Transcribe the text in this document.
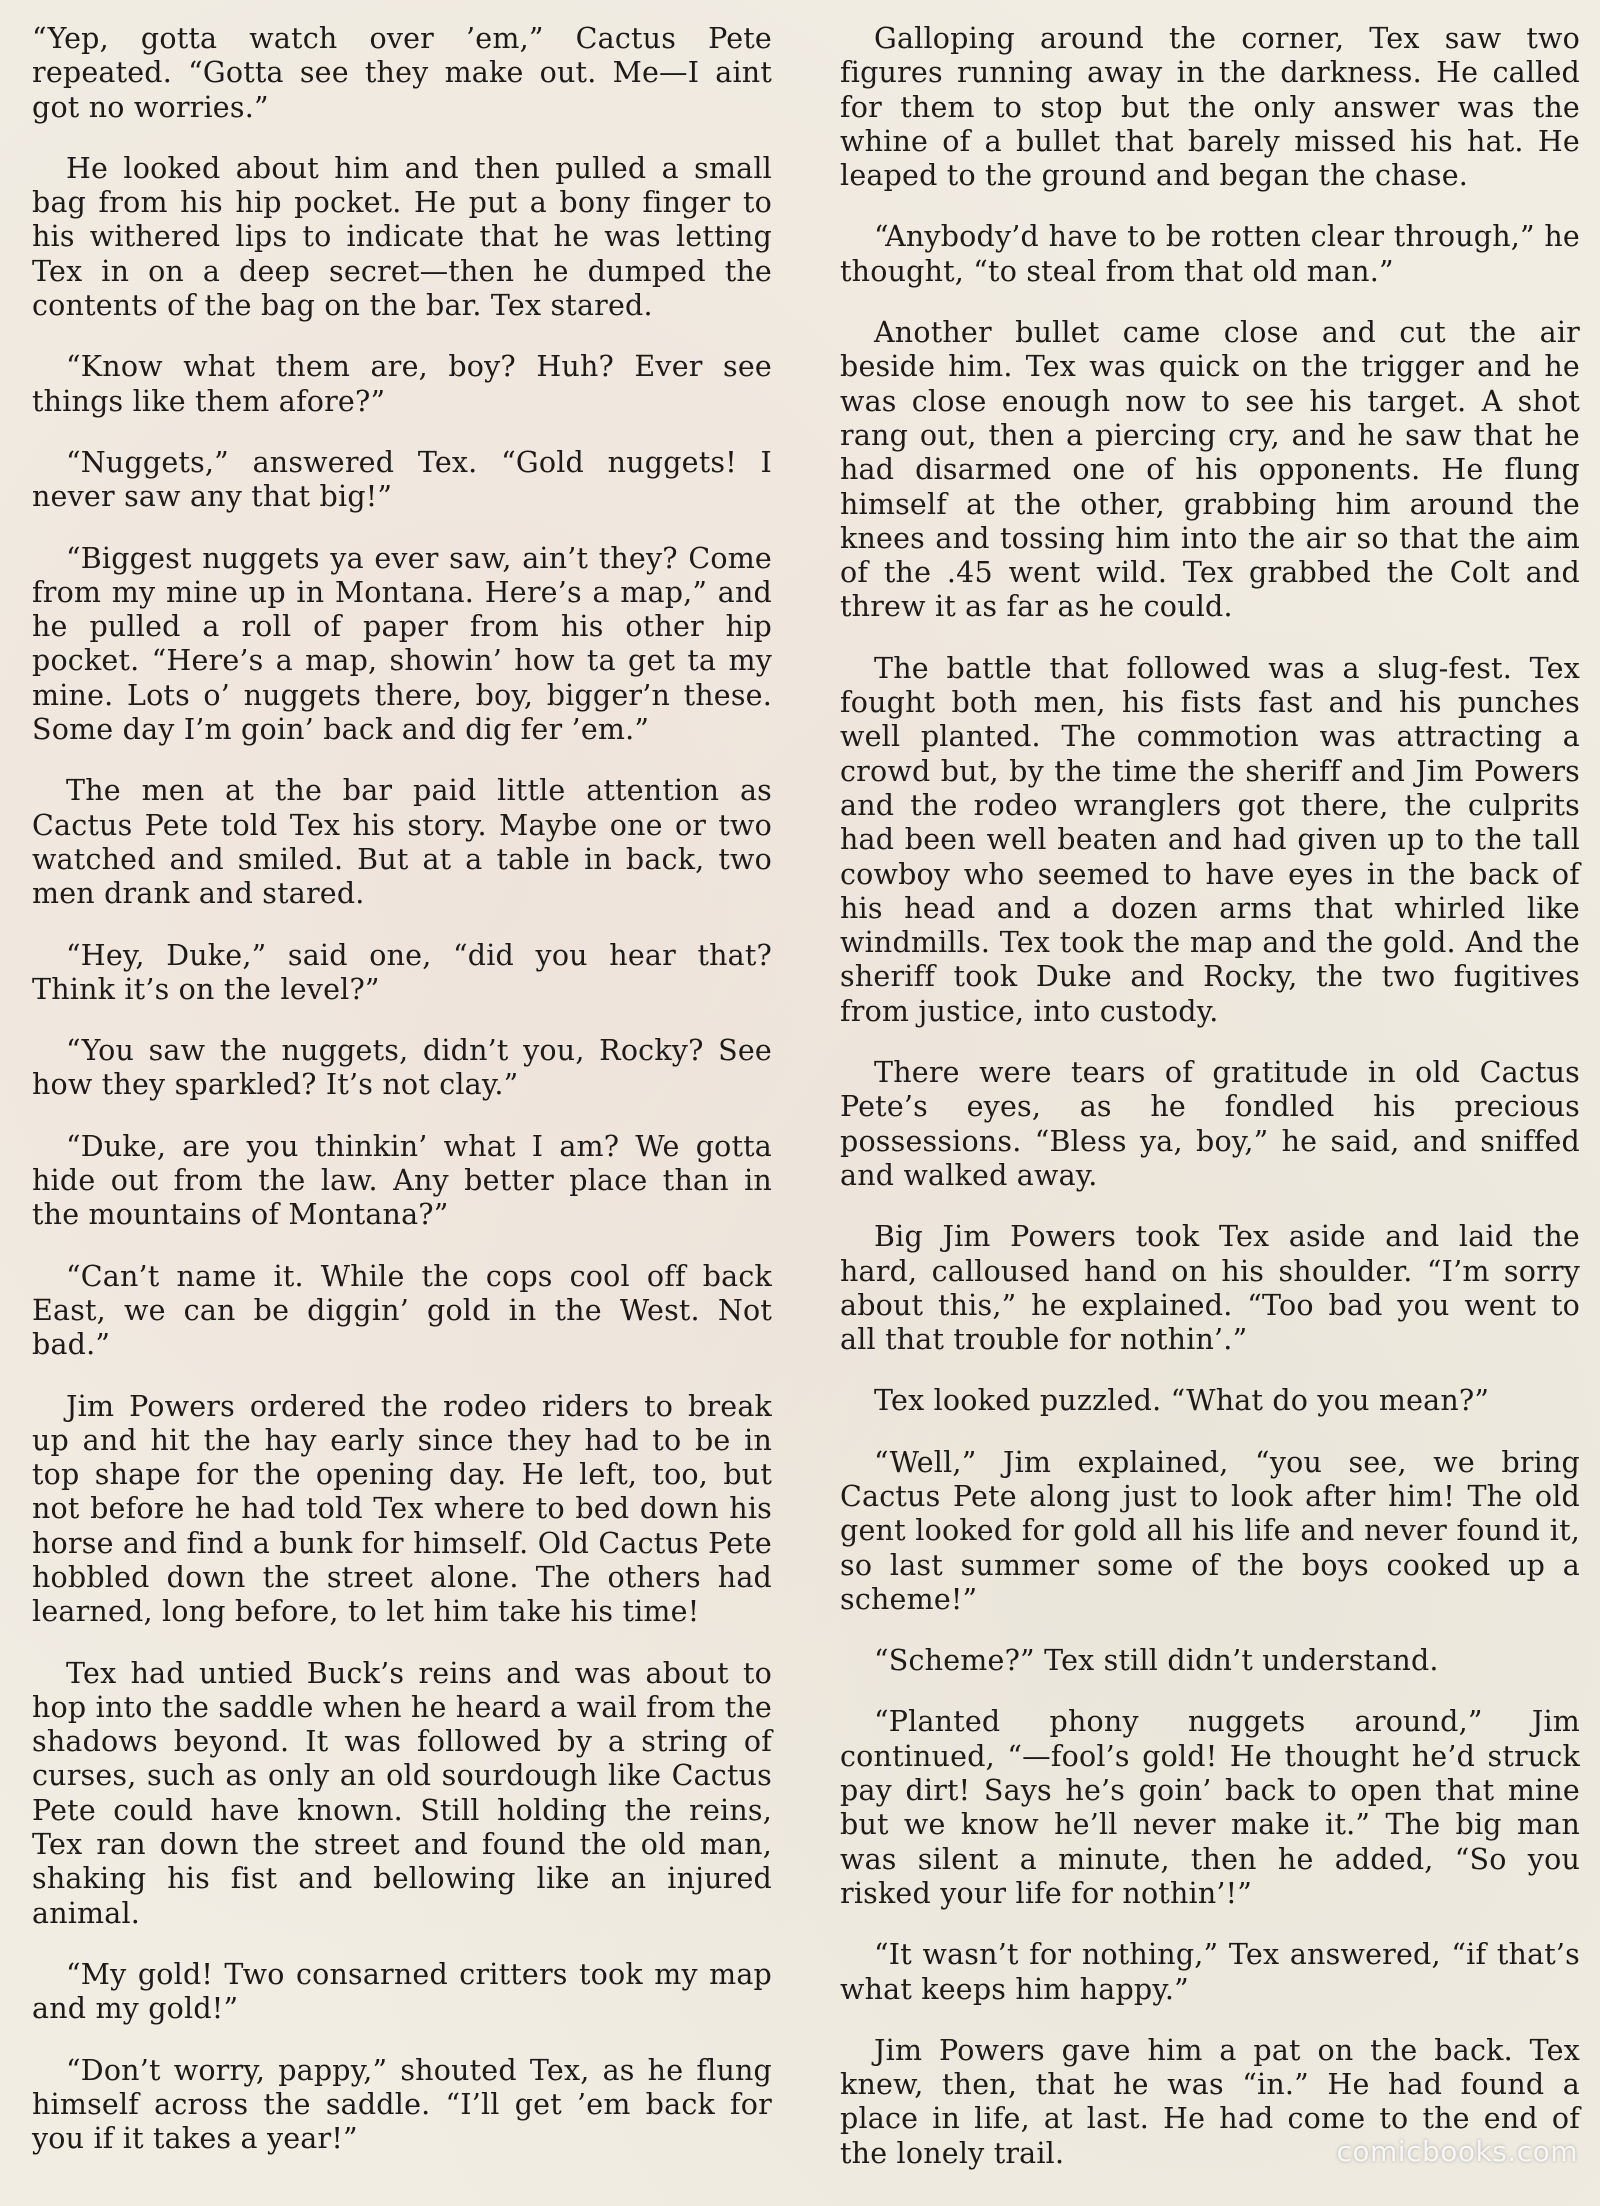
“Yep, gotta watch over ’em,” Cactus Pete repeated. “Gotta see they make out. Me—I aint got no worries.”

He looked about him and then pulled a small bag from his hip pocket. He put a bony finger to his withered lips to indicate that he was letting Tex in on a deep secret—then he dumped the contents of the bag on the bar. Tex stared.

“Know what them are, boy? Huh? Ever see things like them afore?”

“Nuggets,” answered Tex. “Gold nuggets! I never saw any that big!”

“Biggest nuggets ya ever saw, ain’t they? Come from my mine up in Montana. Here’s a map,” and he pulled a roll of paper from his other hip pocket. “Here’s a map, showin’ how ta get ta my mine. Lots o’ nuggets there, boy, bigger’n these. Some day I’m goin’ back and dig fer ’em.”

The men at the bar paid little attention as Cactus Pete told Tex his story. Maybe one or two watched and smiled. But at a table in back, two men drank and stared.

“Hey, Duke,” said one, “did you hear that? Think it’s on the level?”

“You saw the nuggets, didn’t you, Rocky? See how they sparkled? It’s not clay.”

“Duke, are you thinkin’ what I am? We gotta hide out from the law. Any better place than in the mountains of Montana?”

“Can’t name it. While the cops cool off back East, we can be diggin’ gold in the West. Not bad.”

Jim Powers ordered the rodeo riders to break up and hit the hay early since they had to be in top shape for the opening day. He left, too, but not before he had told Tex where to bed down his horse and find a bunk for himself. Old Cactus Pete hobbled down the street alone. The others had learned, long before, to let him take his time!

Tex had untied Buck’s reins and was about to hop into the saddle when he heard a wail from the shadows beyond. It was followed by a string of curses, such as only an old sourdough like Cactus Pete could have known. Still holding the reins, Tex ran down the street and found the old man, shaking his fist and bellowing like an injured animal.

“My gold! Two consarned critters took my map and my gold!”

“Don’t worry, pappy,” shouted Tex, as he flung himself across the saddle. “I’ll get ’em back for you if it takes a year!”

Galloping around the corner, Tex saw two figures running away in the darkness. He called for them to stop but the only answer was the whine of a bullet that barely missed his hat. He leaped to the ground and began the chase.

“Anybody’d have to be rotten clear through,” he thought, “to steal from that old man.”

Another bullet came close and cut the air beside him. Tex was quick on the trigger and he was close enough now to see his target. A shot rang out, then a piercing cry, and he saw that he had disarmed one of his opponents. He flung himself at the other, grabbing him around the knees and tossing him into the air so that the aim of the .45 went wild. Tex grabbed the Colt and threw it as far as he could.

The battle that followed was a slug-fest. Tex fought both men, his fists fast and his punches well planted. The commotion was attracting a crowd but, by the time the sheriff and Jim Powers and the rodeo wranglers got there, the culprits had been well beaten and had given up to the tall cowboy who seemed to have eyes in the back of his head and a dozen arms that whirled like windmills. Tex took the map and the gold. And the sheriff took Duke and Rocky, the two fugitives from justice, into custody.

There were tears of gratitude in old Cactus Pete’s eyes, as he fondled his precious possessions. “Bless ya, boy,” he said, and sniffed and walked away.

Big Jim Powers took Tex aside and laid the hard, calloused hand on his shoulder. “I’m sorry about this,” he explained. “Too bad you went to all that trouble for nothin’.”

Tex looked puzzled. “What do you mean?”

“Well,” Jim explained, “you see, we bring Cactus Pete along just to look after him! The old gent looked for gold all his life and never found it, so last summer some of the boys cooked up a scheme!”

“Scheme?” Tex still didn’t understand.

“Planted phony nuggets around,” Jim continued, “—fool’s gold! He thought he’d struck pay dirt! Says he’s goin’ back to open that mine but we know he’ll never make it.” The big man was silent a minute, then he added, “So you risked your life for nothin’!”

“It wasn’t for nothing,” Tex answered, “if that’s what keeps him happy.”

Jim Powers gave him a pat on the back. Tex knew, then, that he was “in.” He had found a place in life, at last. He had come to the end of the lonely trail.	comicbooks.com
